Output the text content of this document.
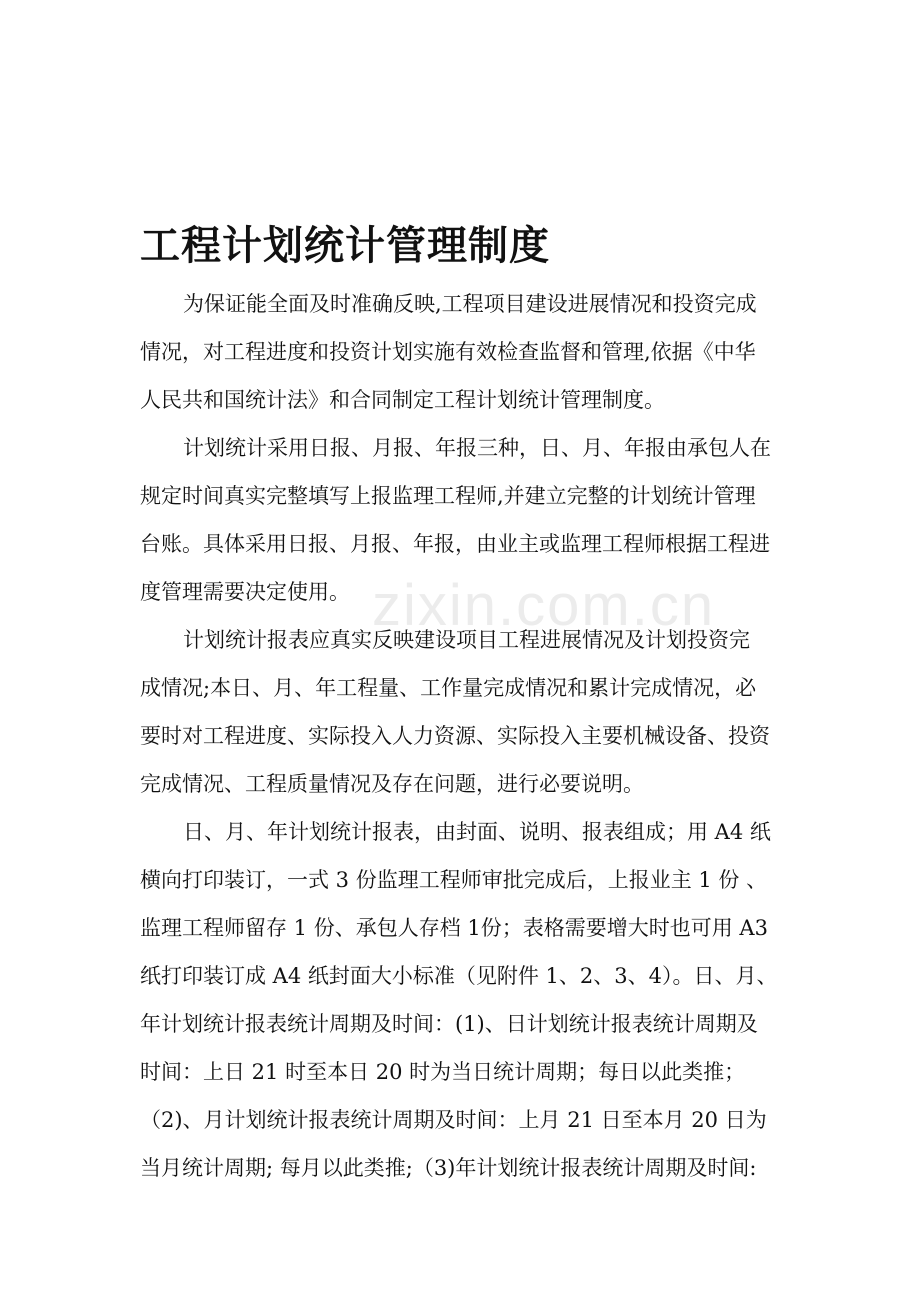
zixin.com.cn
工程计划统计管理制度
为保证能全面及时准确反映,工程项目建设进展情况和投资完成
情况，对工程进度和投资计划实施有效检查监督和管理,依据《中华
人民共和国统计法》和合同制定工程计划统计管理制度。
计划统计采用日报、月报、年报三种，日、月、年报由承包人在
规定时间真实完整填写上报监理工程师,并建立完整的计划统计管理
台账。具体采用日报、月报、年报，由业主或监理工程师根据工程进
度管理需要决定使用。
计划统计报表应真实反映建设项目工程进展情况及计划投资完
成情况;本日、月、年工程量、工作量完成情况和累计完成情况，必
要时对工程进度、实际投入人力资源、实际投入主要机械设备、投资
完成情况、工程质量情况及存在问题，进行必要说明。
日、月、年计划统计报表，由封面、说明、报表组成；用 A4 纸
横向打印装订，一式 3 份监理工程师审批完成后，上报业主 1 份 、
监理工程师留存 1 份、承包人存档 1份；表格需要增大时也可用 A3
纸打印装订成 A4 纸封面大小标准（见附件 1、2、3、4）。日、月、
年计划统计报表统计周期及时间：(1)、日计划统计报表统计周期及
时间：上日 21 时至本日 20 时为当日统计周期；每日以此类推；
（2)、月计划统计报表统计周期及时间：上月 21 日至本月 20 日为
当月统计周期; 每月以此类推;（3)年计划统计报表统计周期及时间:
